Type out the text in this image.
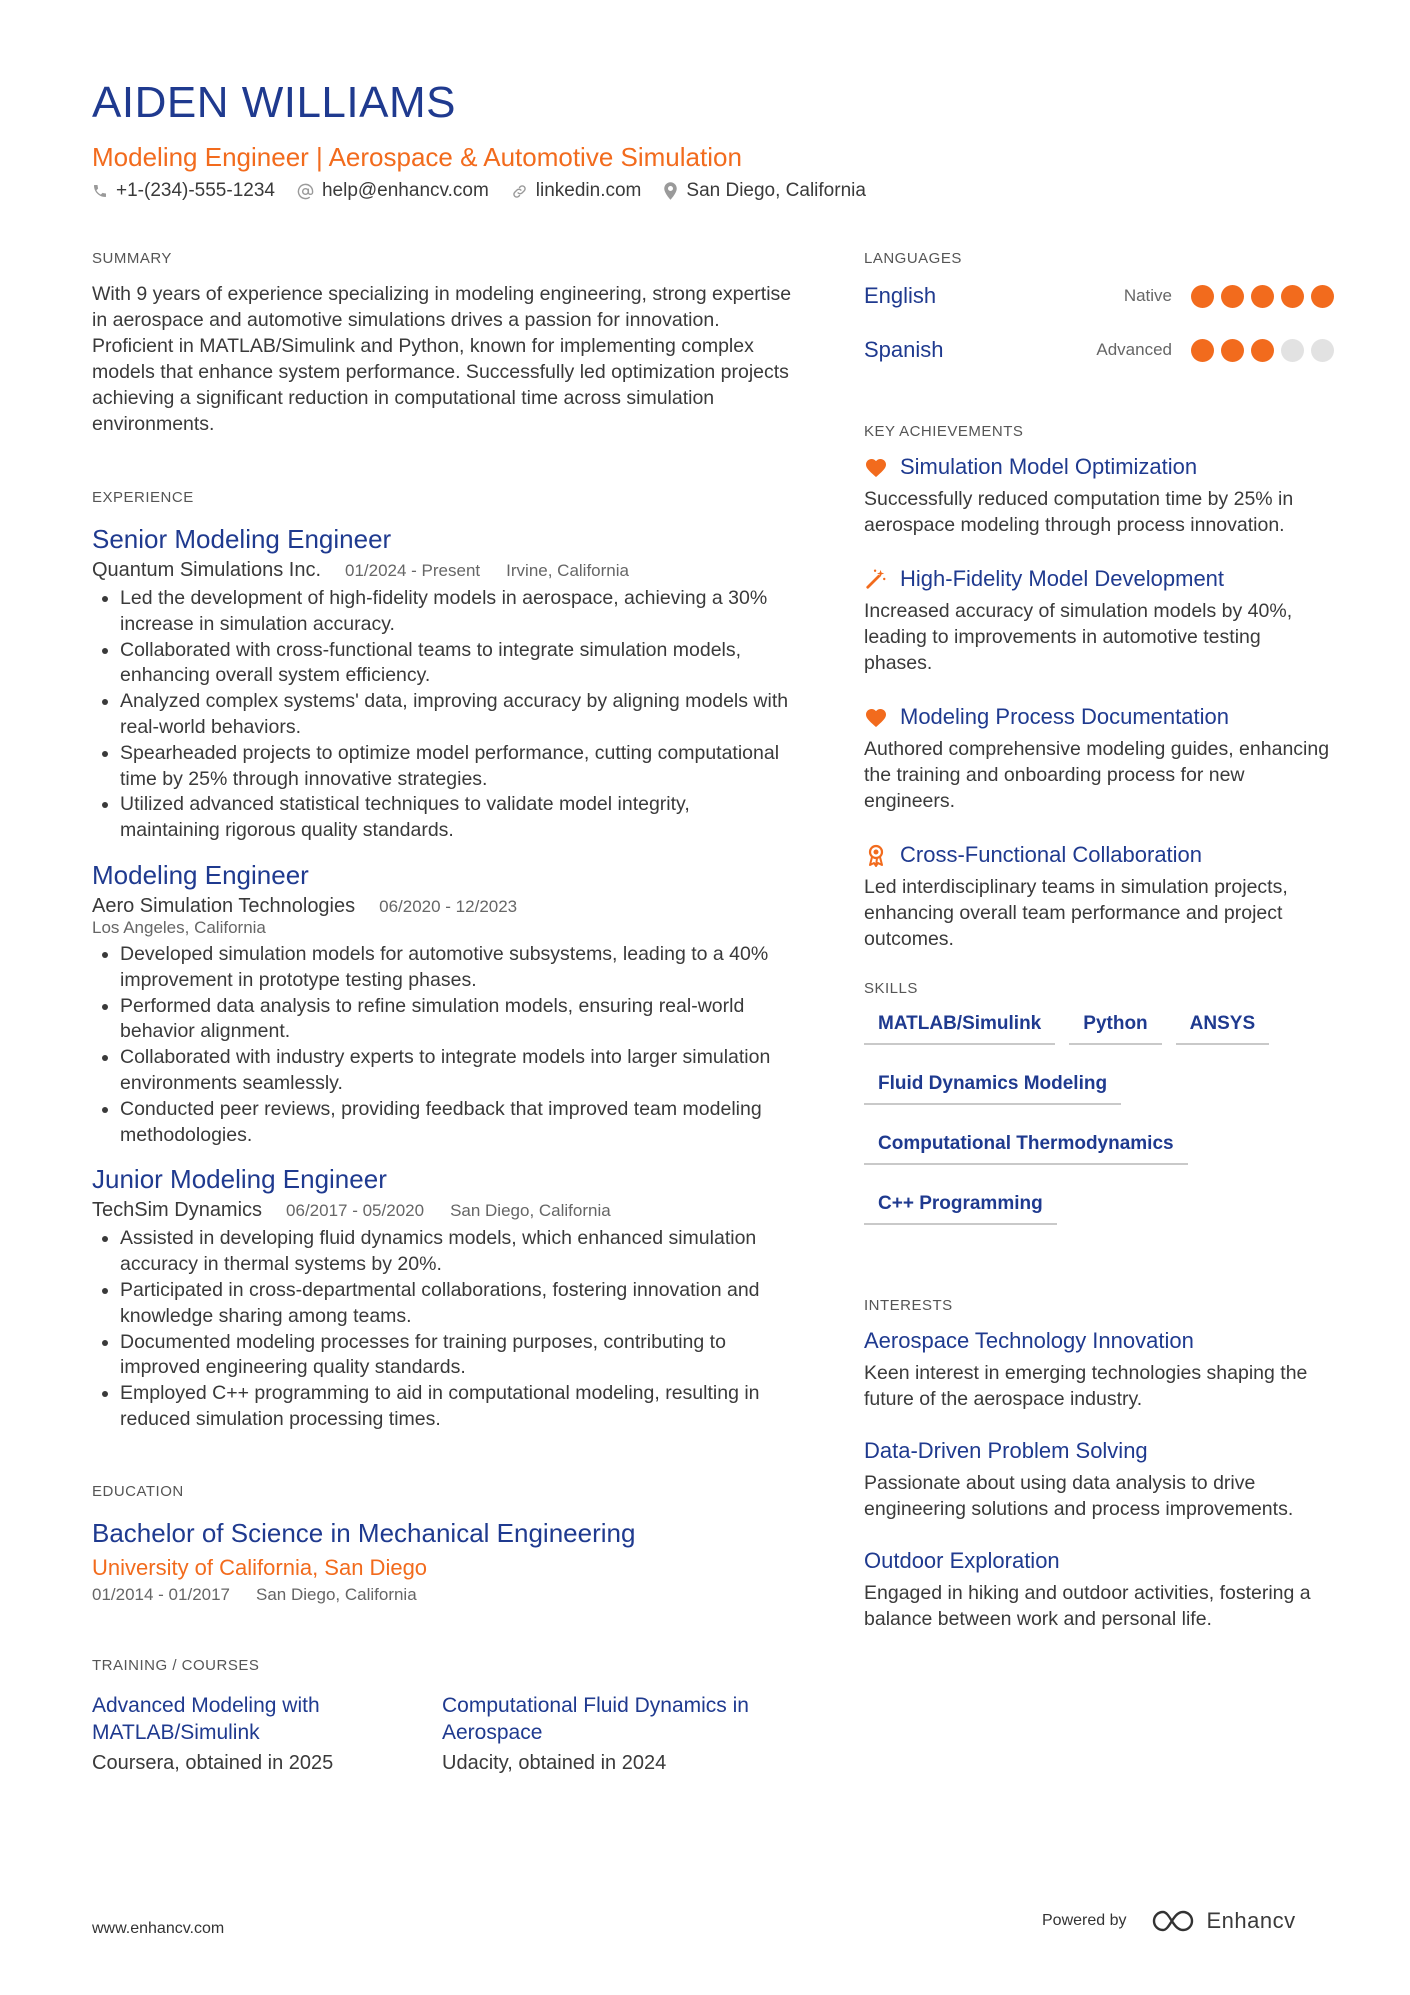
AIDEN WILLIAMS
Modeling Engineer | Aerospace & Automotive Simulation
+1-(234)-555-1234 help@enhancv.com linkedin.com San Diego, California
SUMMARY

With 9 years of experience specializing in modeling engineering, strong expertise in aerospace and automotive simulations drives a passion for innovation. Proficient in MATLAB/Simulink and Python, known for implementing complex models that enhance system performance. Successfully led optimization projects achieving a significant reduction in computational time across simulation environments.

EXPERIENCE
Senior Modeling Engineer
Quantum Simulations Inc. 01/2024 - Present Irvine, California
• Led the development of high-fidelity models in aerospace, achieving a 30% increase in simulation accuracy.
• Collaborated with cross-functional teams to integrate simulation models, enhancing overall system efficiency.
• Analyzed complex systems' data, improving accuracy by aligning models with real-world behaviors.
• Spearheaded projects to optimize model performance, cutting computational time by 25% through innovative strategies.
• Utilized advanced statistical techniques to validate model integrity, maintaining rigorous quality standards.
Modeling Engineer
Aero Simulation Technologies 06/2020 - 12/2023
Los Angeles, California
• Developed simulation models for automotive subsystems, leading to a 40% improvement in prototype testing phases.
• Performed data analysis to refine simulation models, ensuring real-world behavior alignment.
• Collaborated with industry experts to integrate models into larger simulation environments seamlessly.
• Conducted peer reviews, providing feedback that improved team modeling methodologies.
Junior Modeling Engineer
TechSim Dynamics 06/2017 - 05/2020 San Diego, California
• Assisted in developing fluid dynamics models, which enhanced simulation accuracy in thermal systems by 20%.
• Participated in cross-departmental collaborations, fostering innovation and knowledge sharing among teams.
• Documented modeling processes for training purposes, contributing to improved engineering quality standards.
• Employed C++ programming to aid in computational modeling, resulting in reduced simulation processing times.
EDUCATION
Bachelor of Science in Mechanical Engineering
University of California, San Diego
01/2014 - 01/2017 San Diego, California
TRAINING / COURSES
Advanced Modeling with MATLAB/Simulink
Coursera, obtained in 2025
Computational Fluid Dynamics in Aerospace
Udacity, obtained in 2024
LANGUAGES
English	Native
Spanish	Advanced
KEY ACHIEVEMENTS
Simulation Model Optimization

Successfully reduced computation time by 25% in aerospace modeling through process innovation.

High-Fidelity Model Development

Increased accuracy of simulation models by 40%, leading to improvements in automotive testing phases.

Modeling Process Documentation

Authored comprehensive modeling guides, enhancing the training and onboarding process for new engineers.

Cross-Functional Collaboration

Led interdisciplinary teams in simulation projects, enhancing overall team performance and project outcomes.

SKILLS
MATLAB/Simulink	Python	ANSYS
Fluid Dynamics Modeling
Computational Thermodynamics
C++ Programming
INTERESTS
Aerospace Technology Innovation

Keen interest in emerging technologies shaping the future of the aerospace industry.

Data-Driven Problem Solving

Passionate about using data analysis to drive engineering solutions and process improvements.

Outdoor Exploration

Engaged in hiking and outdoor activities, fostering a balance between work and personal life.

www.enhancv.com	Powered by	Enhancv
